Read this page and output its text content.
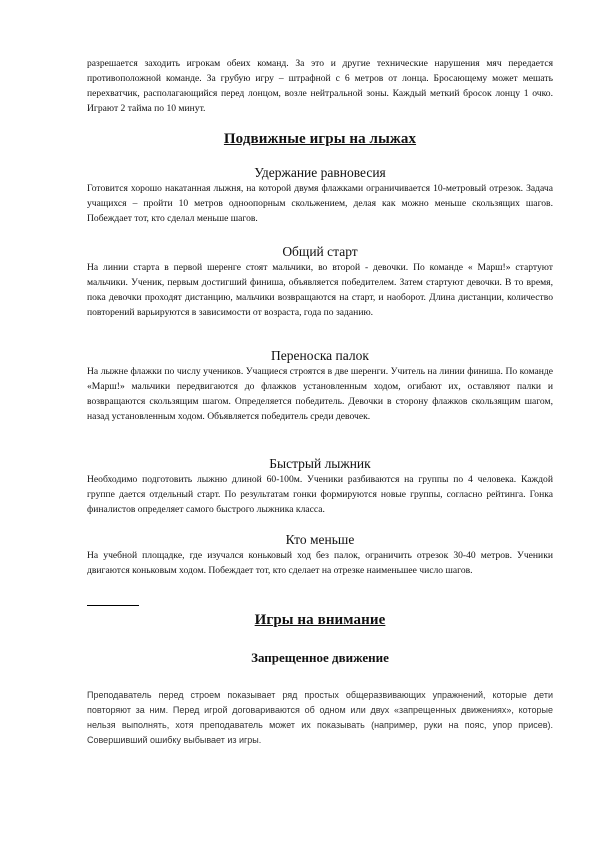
разрешается заходить игрокам обеих команд. За это и другие технические нарушения мяч передается противоположной команде. За грубую игру – штрафной с 6 метров от лонца. Бросающему может мешать перехватчик, располагающийся перед лонцом, возле нейтральной зоны. Каждый меткий бросок лонцу 1 очко. Играют 2 тайма по 10 минут.

Подвижные игры на лыжах

Удержание равновесия

Готовится хорошо накатанная лыжня, на которой двумя флажками ограничивается 10-метровый отрезок. Задача учащихся – пройти 10 метров одноопорным скольжением, делая как можно меньше скользящих шагов. Побеждает тот, кто сделал меньше шагов.

Общий старт

На линии старта в первой шеренге стоят мальчики, во второй - девочки. По команде « Марш!» стартуют мальчики. Ученик, первым достигший финиша, объявляется победителем. Затем стартуют девочки. В то время, пока девочки проходят дистанцию, мальчики возвращаются на старт, и наоборот. Длина дистанции, количество повторений варьируются в зависимости от возраста, года по заданию.

Переноска палок

На лыжне флажки по числу учеников. Учащиеся строятся в две шеренги. Учитель на линии финиша. По команде «Марш!» мальчики передвигаются до флажков установленным ходом, огибают их, оставляют палки и возвращаются скользящим шагом. Определяется победитель. Девочки в сторону флажков скользящим шагом, назад установленным ходом. Объявляется победитель среди девочек.

Быстрый лыжник

Необходимо подготовить лыжню длиной 60-100м. Ученики разбиваются на группы по 4 человека. Каждой группе дается отдельный старт. По результатам гонки формируются новые группы, согласно рейтинга. Гонка финалистов определяет самого быстрого лыжника класса.

Кто меньше

На учебной площадке, где изучался коньковый ход без палок, ограничить отрезок 30-40 метров. Ученики двигаются коньковым ходом. Побеждает тот, кто сделает на отрезке наименьшее число шагов.

Игры на внимание

Запрещенное движение

Преподаватель перед строем показывает ряд простых общеразвивающих упражнений, которые дети повторяют за ним. Перед игрой договариваются об одном или двух «запрещенных движениях», которые нельзя выполнять, хотя преподаватель может их показывать (например, руки на пояс, упор присев). Совершивший ошибку выбывает из игры.
